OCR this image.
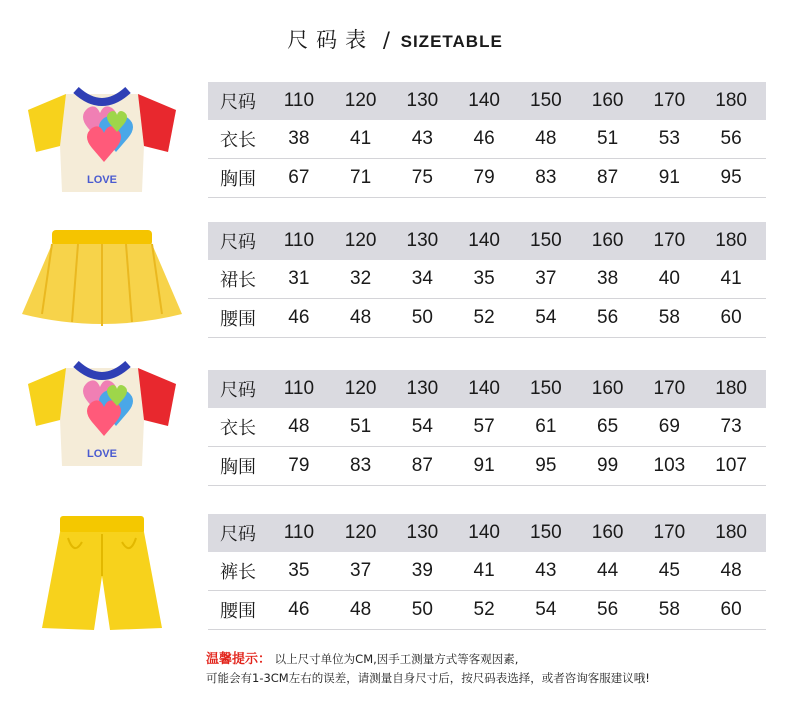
尺码表 / SIZETABLE
LOVE
尺码	110	120	130	140	150	160	170	180
衣长	38	41	43	46	48	51	53	56
胸围	67	71	75	79	83	87	91	95
尺码	110	120	130	140	150	160	170	180
裙长	31	32	34	35	37	38	40	41
腰围	46	48	50	52	54	56	58	60
LOVE
尺码	110	120	130	140	150	160	170	180
衣长	48	51	54	57	61	65	69	73
胸围	79	83	87	91	95	99	103	107
尺码	110	120	130	140	150	160	170	180
裤长	35	37	39	41	43	44	45	48
腰围	46	48	50	52	54	56	58	60
温馨提示： 以上尺寸单位为CM,因手工测量方式等客观因素,
可能会有1-3CM左右的误差，请测量自身尺寸后，按尺码表选择，或者咨询客服建议哦!
